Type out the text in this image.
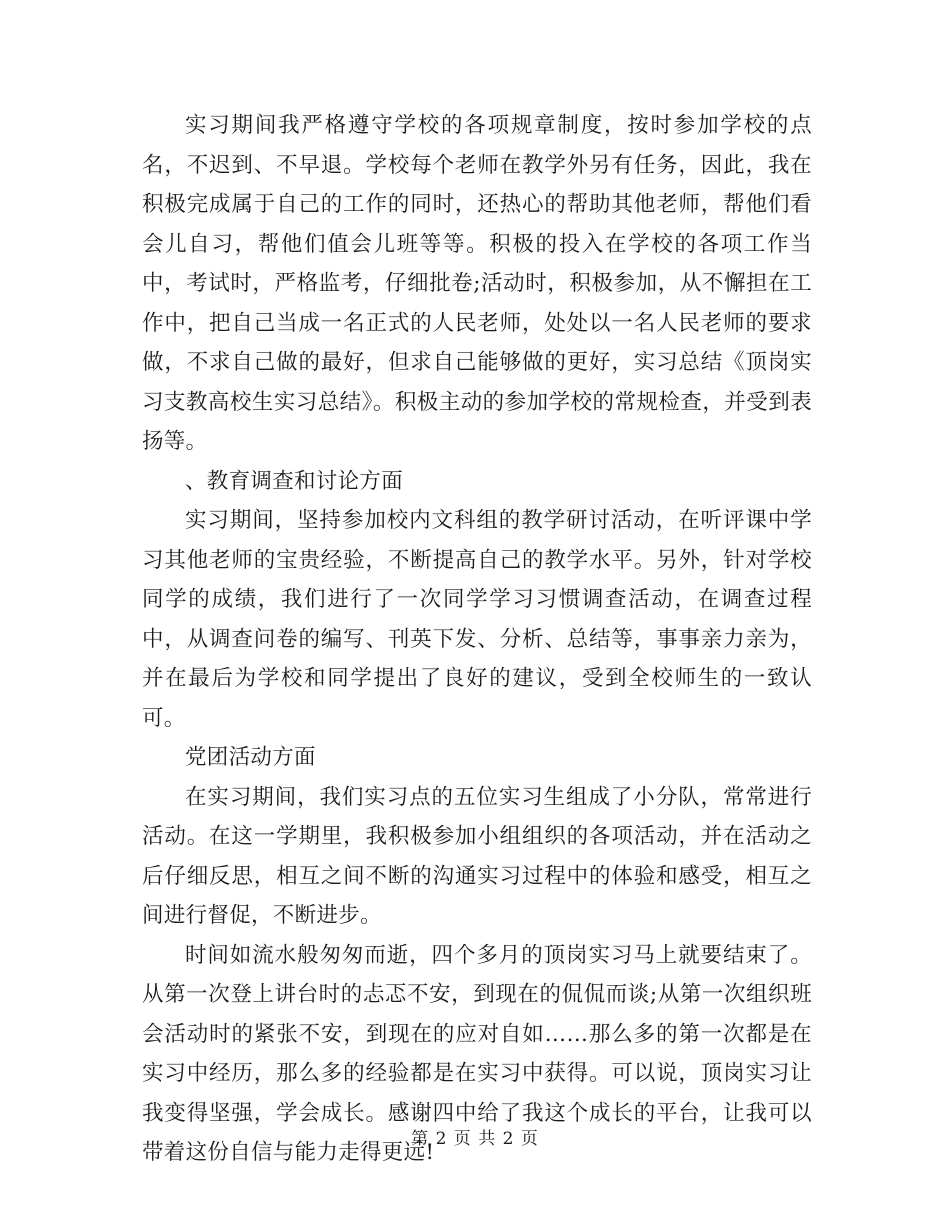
实习期间我严格遵守学校的各项规章制度，按时参加学校的点名，不迟到、不早退。学校每个老师在教学外另有任务，因此，我在积极完成属于自己的工作的同时，还热心的帮助其他老师，帮他们看会儿自习，帮他们值会儿班等等。积极的投入在学校的各项工作当中，考试时，严格监考，仔细批卷;活动时，积极参加，从不懈担在工作中，把自己当成一名正式的人民老师，处处以一名人民老师的要求做，不求自己做的最好，但求自己能够做的更好，实习总结《顶岗实习支教高校生实习总结》。积极主动的参加学校的常规检查，并受到表扬等。

、教育调查和讨论方面

实习期间，坚持参加校内文科组的教学研讨活动，在听评课中学习其他老师的宝贵经验，不断提高自己的教学水平。另外，针对学校同学的成绩，我们进行了一次同学学习习惯调查活动，在调查过程中，从调查问卷的编写、刊英下发、分析、总结等，事事亲力亲为，并在最后为学校和同学提出了良好的建议，受到全校师生的一致认可。

党团活动方面

在实习期间，我们实习点的五位实习生组成了小分队，常常进行活动。在这一学期里，我积极参加小组组织的各项活动，并在活动之后仔细反思，相互之间不断的沟通实习过程中的体验和感受，相互之间进行督促，不断进步。

时间如流水般匆匆而逝，四个多月的顶岗实习马上就要结束了。从第一次登上讲台时的忐忑不安，到现在的侃侃而谈;从第一次组织班会活动时的紧张不安，到现在的应对自如……那么多的第一次都是在实习中经历，那么多的经验都是在实习中获得。可以说，顶岗实习让我变得坚强，学会成长。感谢四中给了我这个成长的平台，让我可以带着这份自信与能力走得更远!

第 2 页 共 2 页
